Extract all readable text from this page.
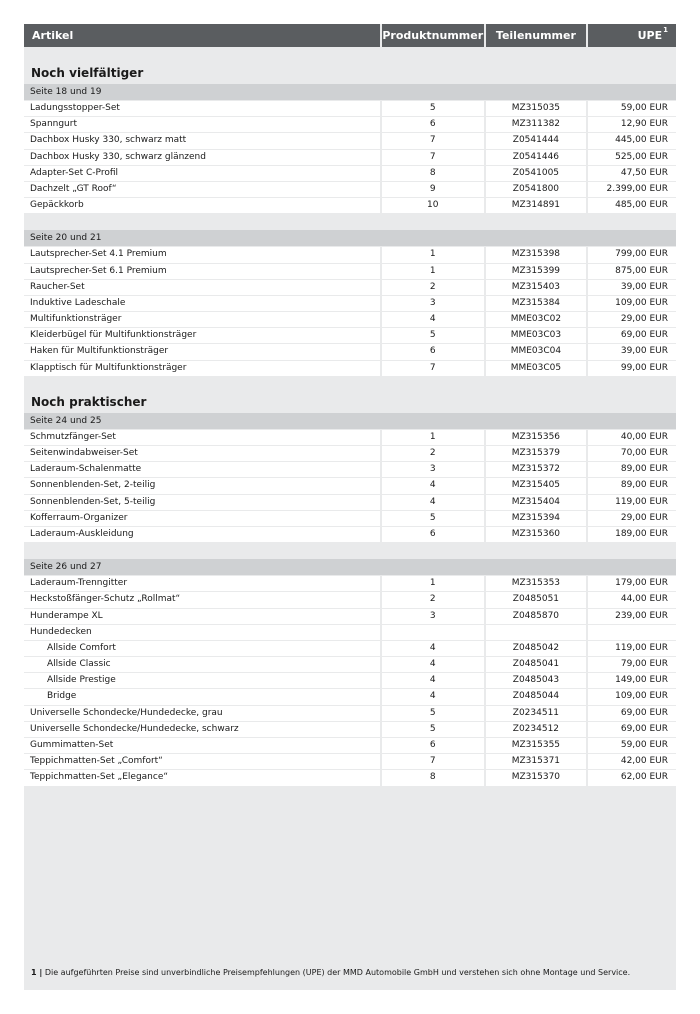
Artikel	Produktnummer	Teilenummer	UPE$^1$
Noch vielfältiger
Seite 18 und 19
Ladungsstopper-Set	5	MZ315035	59,00 EUR
Spanngurt	6	MZ311382	12,90 EUR
Dachbox Husky 330, schwarz matt	7	Z0541444	445,00 EUR
Dachbox Husky 330, schwarz glänzend	7	Z0541446	525,00 EUR
Adapter-Set C-Profil	8	Z0541005	47,50 EUR
Dachzelt „GT Roof“	9	Z0541800	2.399,00 EUR
Gepäckkorb	10	MZ314891	485,00 EUR
Seite 20 und 21
Lautsprecher-Set 4.1 Premium	1	MZ315398	799,00 EUR
Lautsprecher-Set 6.1 Premium	1	MZ315399	875,00 EUR
Raucher-Set	2	MZ315403	39,00 EUR
Induktive Ladeschale	3	MZ315384	109,00 EUR
Multifunktionsträger	4	MME03C02	29,00 EUR
Kleiderbügel für Multifunktionsträger	5	MME03C03	69,00 EUR
Haken für Multifunktionsträger	6	MME03C04	39,00 EUR
Klapptisch für Multifunktionsträger	7	MME03C05	99,00 EUR
Noch praktischer
Seite 24 und 25
Schmutzfänger-Set	1	MZ315356	40,00 EUR
Seitenwindabweiser-Set	2	MZ315379	70,00 EUR
Laderaum-Schalenmatte	3	MZ315372	89,00 EUR
Sonnenblenden-Set, 2-teilig	4	MZ315405	89,00 EUR
Sonnenblenden-Set, 5-teilig	4	MZ315404	119,00 EUR
Kofferraum-Organizer	5	MZ315394	29,00 EUR
Laderaum-Auskleidung	6	MZ315360	189,00 EUR
Seite 26 und 27
Laderaum-Trenngitter	1	MZ315353	179,00 EUR
Heckstoßfänger-Schutz „Rollmat“	2	Z0485051	44,00 EUR
Hunderampe XL	3	Z0485870	239,00 EUR
Hundedecken
Allside Comfort	4	Z0485042	119,00 EUR
Allside Classic	4	Z0485041	79,00 EUR
Allside Prestige	4	Z0485043	149,00 EUR
Bridge	4	Z0485044	109,00 EUR
Universelle Schondecke/Hundedecke, grau	5	Z0234511	69,00 EUR
Universelle Schondecke/Hundedecke, schwarz	5	Z0234512	69,00 EUR
Gummimatten-Set	6	MZ315355	59,00 EUR
Teppichmatten-Set „Comfort“	7	MZ315371	42,00 EUR
Teppichmatten-Set „Elegance“	8	MZ315370	62,00 EUR
1 | Die aufgeführten Preise sind unverbindliche Preisempfehlungen (UPE) der MMD Automobile GmbH und verstehen sich ohne Montage und Service.
